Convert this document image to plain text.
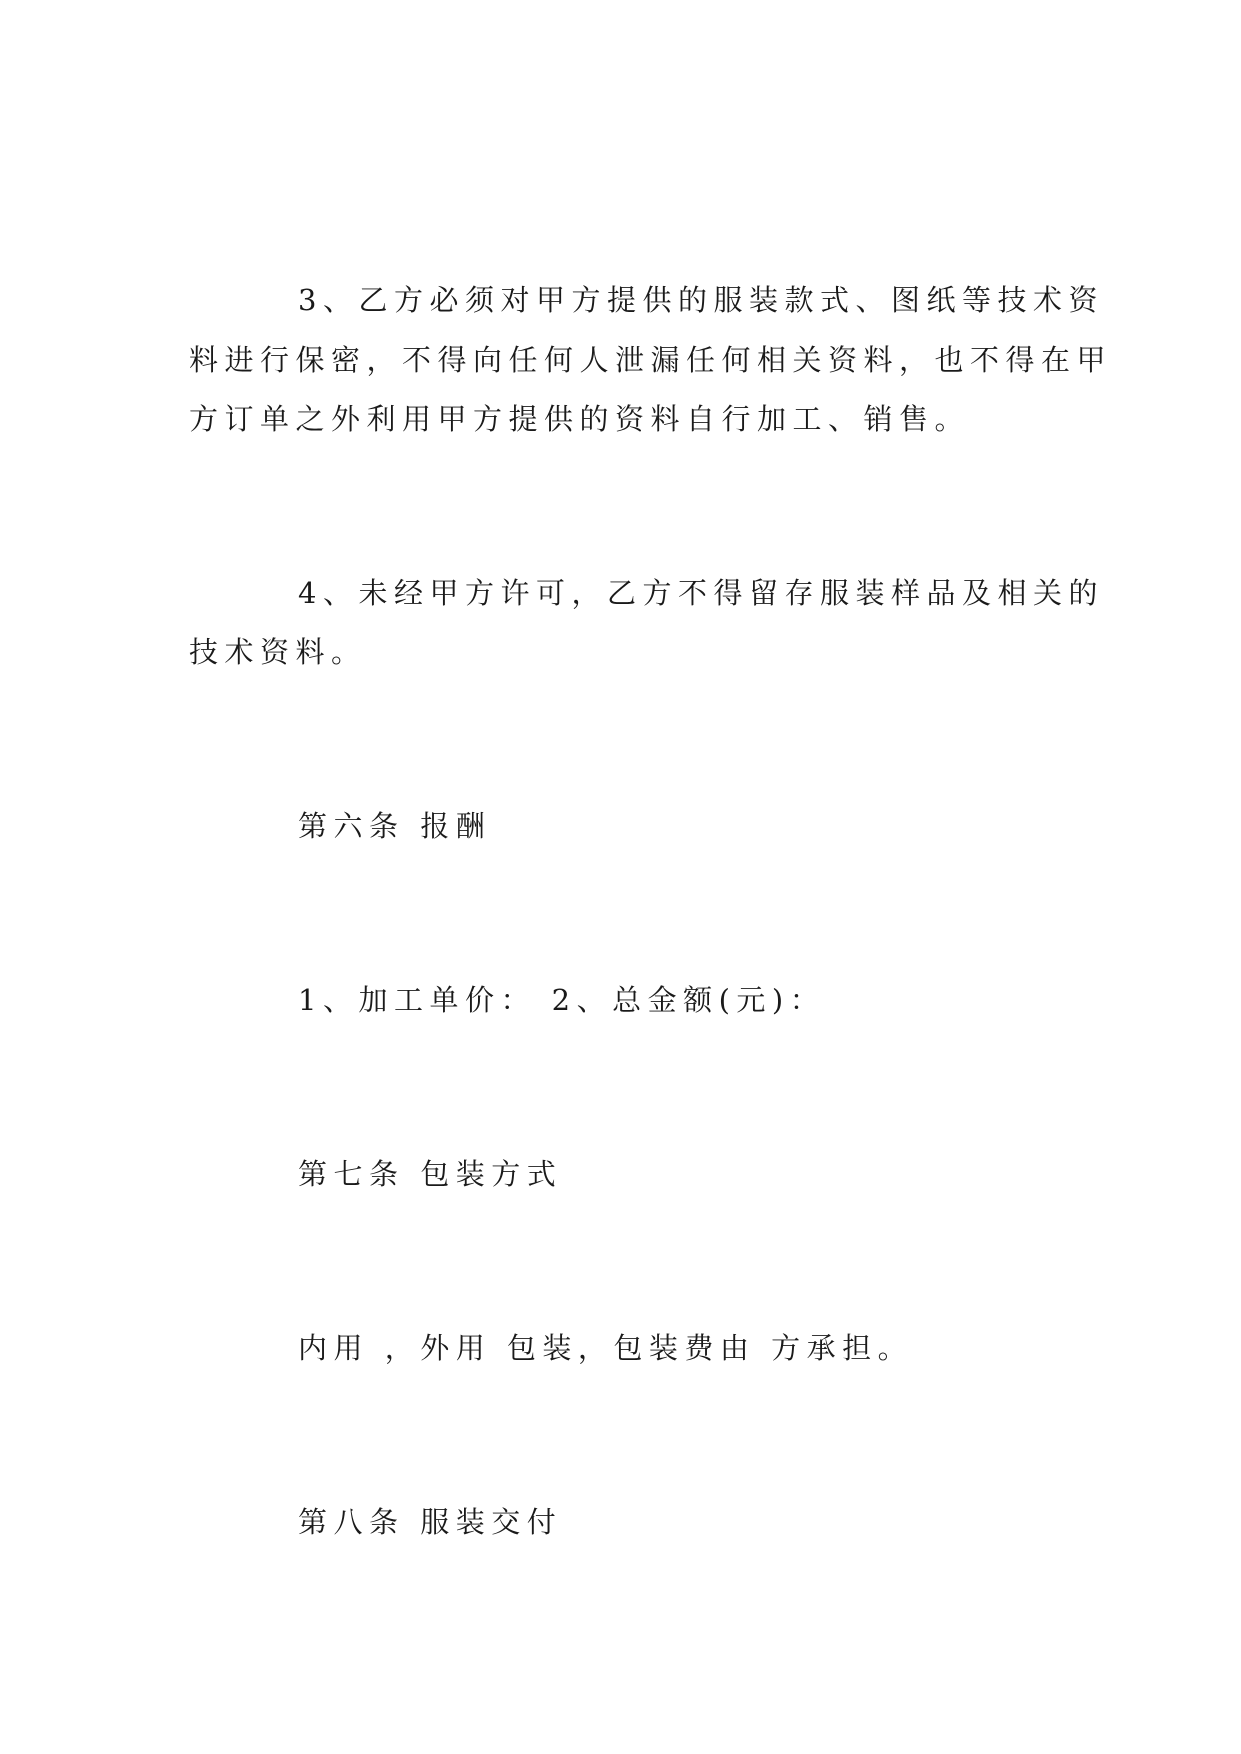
3、乙方必须对甲方提供的服装款式、图纸等技术资

料进行保密，不得向任何人泄漏任何相关资料，也不得在甲

方订单之外利用甲方提供的资料自行加工、销售。

4、未经甲方许可，乙方不得留存服装样品及相关的

技术资料。

第六条 报酬

1、加工单价： 2、总金额(元)：

第七条 包装方式

内用 ，外用 包装，包装费由 方承担。

第八条 服装交付
